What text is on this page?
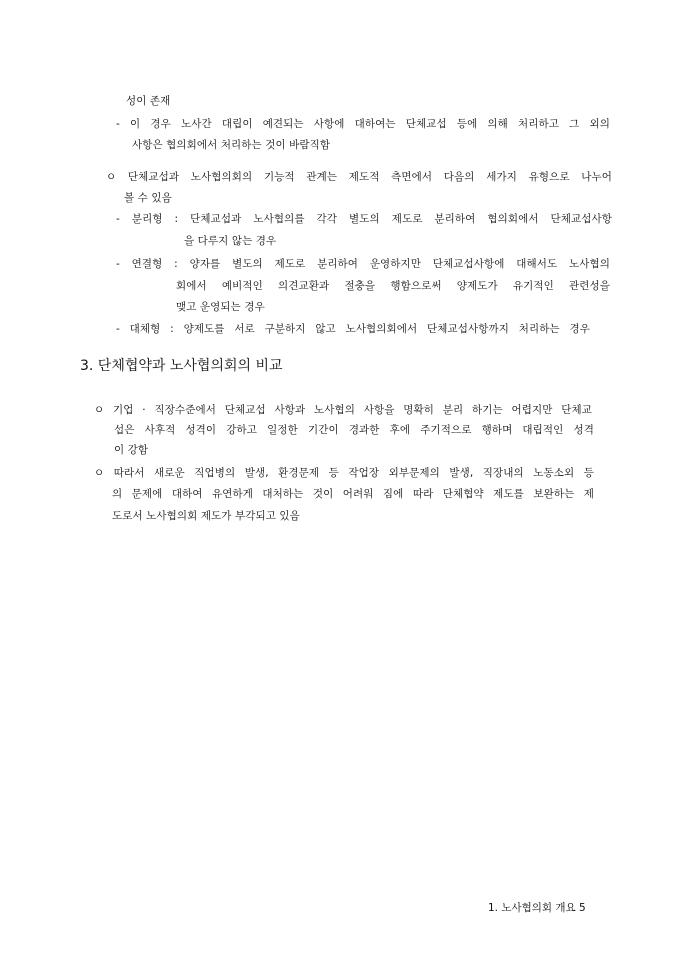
성이 존재
- 이 경우 노사간 대립이 예견되는 사항에 대하여는 단체교섭 등에 의해 처리하고 그 외의
사항은 협의회에서 처리하는 것이 바람직함
ㅇ 단체교섭과 노사협의회의 기능적 관계는 제도적 측면에서 다음의 세가지 유형으로 나누어
볼 수 있음
- 분리형 : 단체교섭과 노사협의를 각각 별도의 제도로 분리하여 협의회에서 단체교섭사항
을 다루지 않는 경우
- 연결형 : 양자를 별도의 제도로 분리하여 운영하지만 단체교섭사항에 대해서도 노사협의
회에서 예비적인 의견교환과 절충을 행함으로써 양제도가 유기적인 관련성을
맺고 운영되는 경우
- 대체형 : 양제도를 서로 구분하지 않고 노사협의회에서 단체교섭사항까지 처리하는 경우
3. 단체협약과 노사협의회의 비교
ㅇ 기업 · 직장수준에서 단체교섭 사항과 노사협의 사항을 명확히 분리 하기는 어렵지만 단체교
섭은 사후적 성격이 강하고 일정한 기간이 경과한 후에 주기적으로 행하며 대립적인 성격
이 강함
ㅇ 따라서 새로운 직업병의 발생, 환경문제 등 작업장 외부문제의 발생, 직장내의 노동소외 등
의 문제에 대하여 유연하게 대처하는 것이 어려워 짐에 따라 단체협약 제도를 보완하는 제
도로서 노사협의회 제도가 부각되고 있음
1. 노사협의회 개요 5
